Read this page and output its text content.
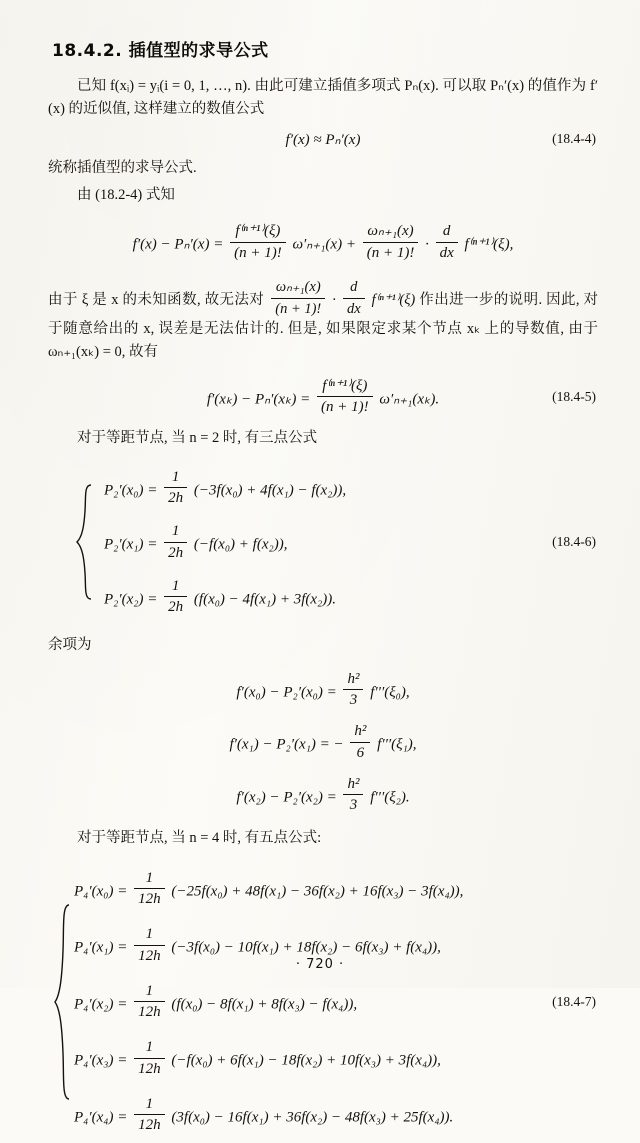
18.4.2. 插值型的求导公式

已知 f(xᵢ) = yᵢ(i = 0, 1, …, n). 由此可建立插值多项式 Pₙ(x). 可以取 Pₙ′(x) 的值作为 f′(x) 的近似值, 这样建立的数值公式

f′(x) ≈ Pₙ′(x)	(18.4-4)

统称插值型的求导公式.

由 (18.2-4) 式知

$f'(x) - P_n'(x) = \frac{\text{f⁽ⁿ⁺¹⁾(ξ)}}{(n + 1)!} \omega'_{n+1}(x) + \frac{\text{ωₙ₊₁(x)}}{(n + 1)!} \cdot \frac{d}{dx} f^{(n+1)}(\xi)$,

由于 ξ 是 x 的未知函数, 故无法对 $\frac{\text{ωₙ₊₁(x)}}{(n + 1)!} \cdot \frac{d}{dx} f^{(n+1)}(\xi)$ 作出进一步的说明. 因此, 对于随意给出的 x, 误差是无法估计的. 但是, 如果限定求某个节点 xₖ 上的导数值, 由于 ωₙ₊₁(xₖ) = 0, 故有

$f'(x_k) - P_n'(x_k) = \frac{\text{f⁽ⁿ⁺¹⁾(ξ)}}{(n + 1)!} \omega'_{n+1}(x_k)$.	(18.4-5)

对于等距节点, 当 n = 2 时, 有三点公式

$P_2'(x_0) = \frac{1}{2h} (-3f(x_0) + 4f(x_1) - f(x_2))$,
$P_2'(x_1) = \frac{1}{2h} (-f(x_0) + f(x_2))$,	(18.4-6)
$P_2'(x_2) = \frac{1}{2h} (f(x_0) - 4f(x_1) + 3f(x_2))$.

余项为

$f'(x_0) - P_2'(x_0) = \frac{\text{h²}}{3} f'''(\xi_0)$,
f′(x₁) − P₂′(x₁) = − $\frac{\text{h²}}{6} f'''(\xi_1)$,
$f'(x_2) - P_2'(x_2) = \frac{\text{h²}}{3} f'''(\xi_2)$.

对于等距节点, 当 n = 4 时, 有五点公式:

$P_4'(x_0) = \frac{1}{12h} (-25f(x_0) + 48f(x_1) - 36f(x_2) + 16f(x_3) - 3f(x_4))$,
$P_4'(x_1) = \frac{1}{12h} (-3f(x_0) - 10f(x_1) + 18f(x_2) - 6f(x_3) + f(x_4))$,
$P_4'(x_2) = \frac{1}{12h} (f(x_0) - 8f(x_1) + 8f(x_3) - f(x_4))$,	(18.4-7)
$P_4'(x_3) = \frac{1}{12h} (-f(x_0) + 6f(x_1) - 18f(x_2) + 10f(x_3) + 3f(x_4))$,
$P_4'(x_4) = \frac{1}{12h} (3f(x_0) - 16f(x_1) + 36f(x_2) - 48f(x_3) + 25f(x_4))$.
· 720 ·
